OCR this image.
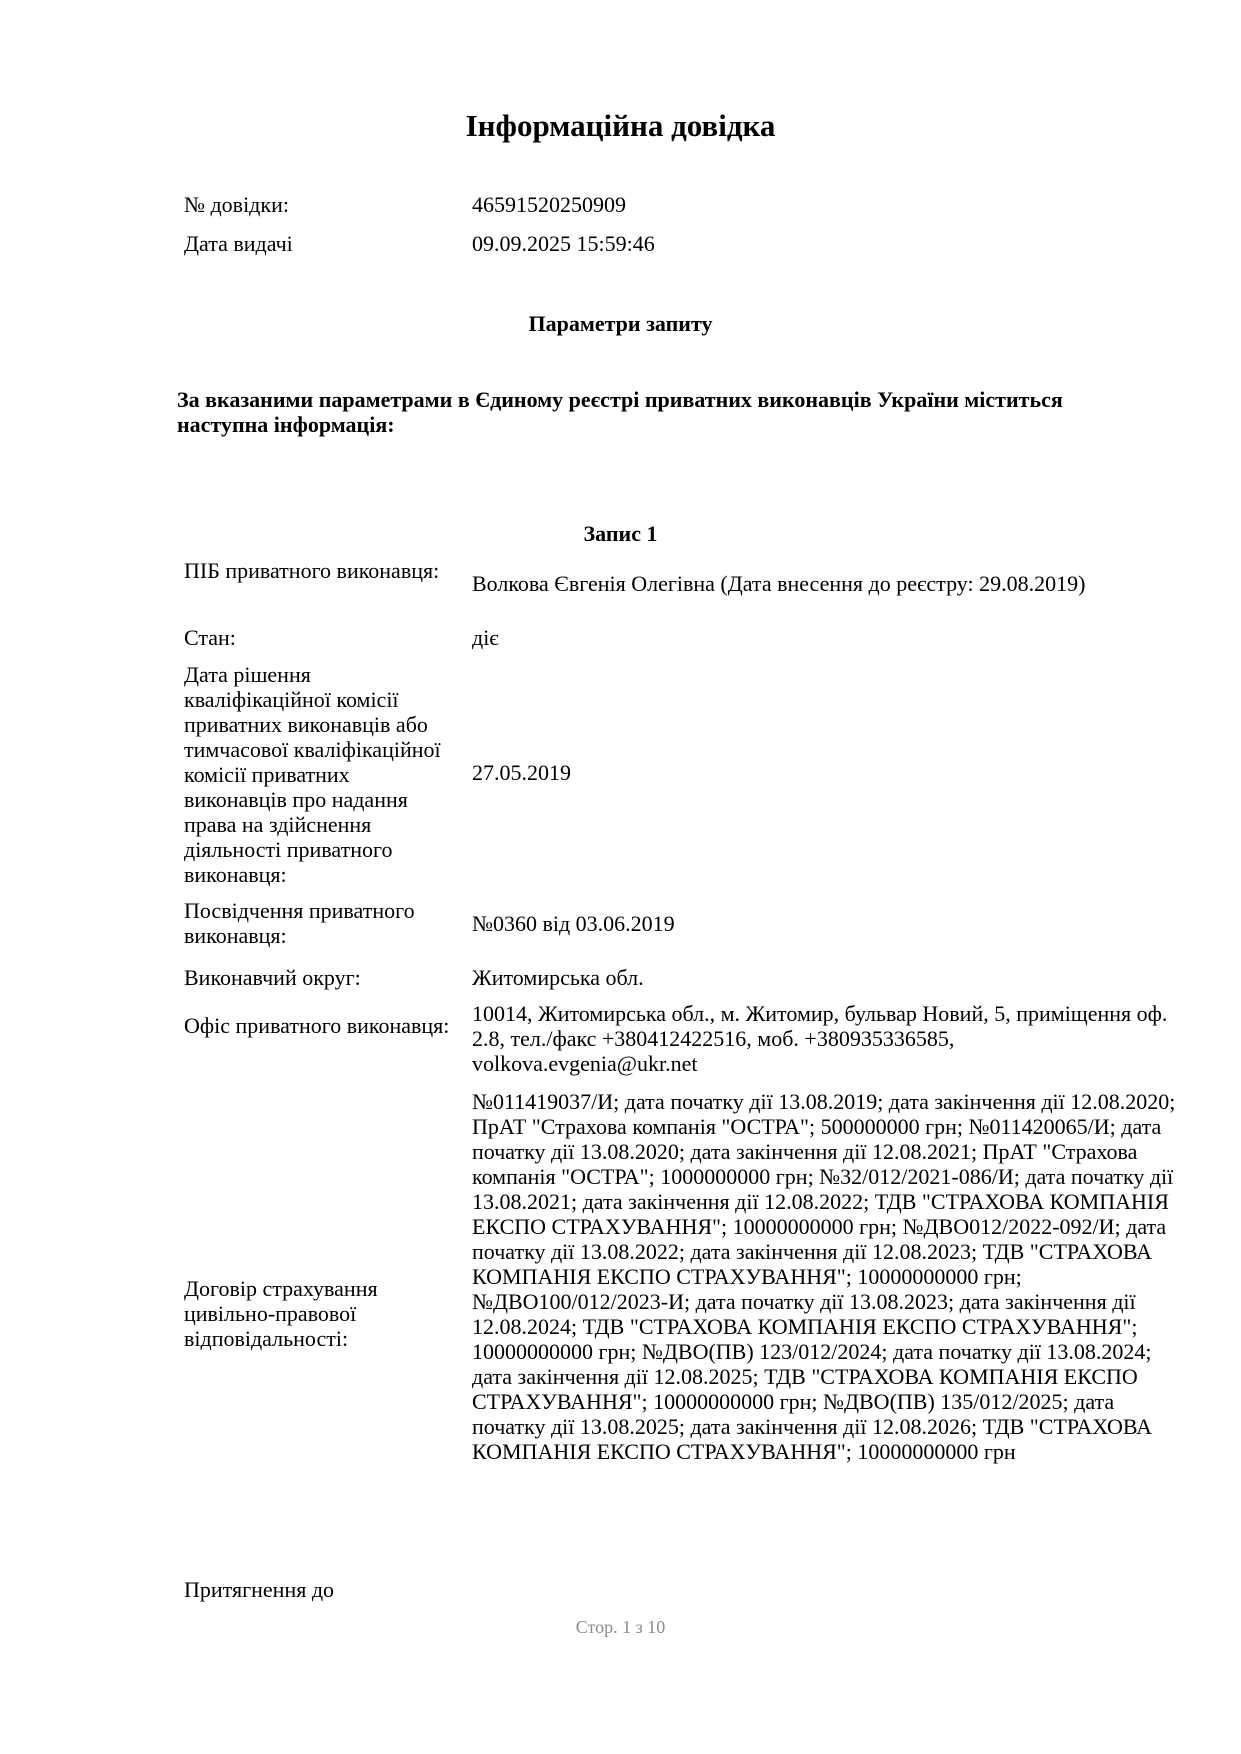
Інформаційна довідка
№ довідки:	46591520250909
Дата видачі	09.09.2025 15:59:46
Параметри запиту
За вказаними параметрами в Єдиному реєстрі приватних виконавців України міститься наступна інформація:
Запис 1
ПІБ приватного виконавця:
Волкова Євгенія Олегівна (Дата внесення до реєстру: 29.08.2019)
Стан:	діє
Дата рішення кваліфікаційної комісії приватних виконавців або тимчасової кваліфікаційної комісії приватних виконавців про надання права на здійснення діяльності приватного виконавця:
27.05.2019
Посвідчення приватного виконавця:	№0360 від 03.06.2019
Виконавчий округ:	Житомирська обл.
Офіс приватного виконавця: 10014, Житомирська обл., м. Житомир, бульвар Новий, 5, приміщення оф. 2.8, тел./факс +380412422516, моб. +380935336585, volkova.evgenia@ukr.net
Договір страхування цивільно-правової відповідальності:
№011419037/И; дата початку дії 13.08.2019; дата закінчення дії 12.08.2020; ПрАТ "Страхова компанія "ОСТРА"; 500000000 грн; №011420065/И; дата початку дії 13.08.2020; дата закінчення дії 12.08.2021; ПрАТ "Страхова компанія "ОСТРА"; 1000000000 грн; №32/012/2021-086/И; дата початку дії 13.08.2021; дата закінчення дії 12.08.2022; ТДВ "СТРАХОВА КОМПАНІЯ ЕКСПО СТРАХУВАННЯ"; 10000000000 грн; №ДВО012/2022-092/И; дата початку дії 13.08.2022; дата закінчення дії 12.08.2023; ТДВ "СТРАХОВА КОМПАНІЯ ЕКСПО СТРАХУВАННЯ"; 10000000000 грн; №ДВО100/012/2023-И; дата початку дії 13.08.2023; дата закінчення дії 12.08.2024; ТДВ "СТРАХОВА КОМПАНІЯ ЕКСПО СТРАХУВАННЯ"; 10000000000 грн; №ДВО(ПВ) 123/012/2024; дата початку дії 13.08.2024; дата закінчення дії 12.08.2025; ТДВ "СТРАХОВА КОМПАНІЯ ЕКСПО СТРАХУВАННЯ"; 10000000000 грн; №ДВО(ПВ) 135/012/2025; дата початку дії 13.08.2025; дата закінчення дії 12.08.2026; ТДВ "СТРАХОВА КОМПАНІЯ ЕКСПО СТРАХУВАННЯ"; 10000000000 грн
Притягнення до
Стор. 1 з 10
